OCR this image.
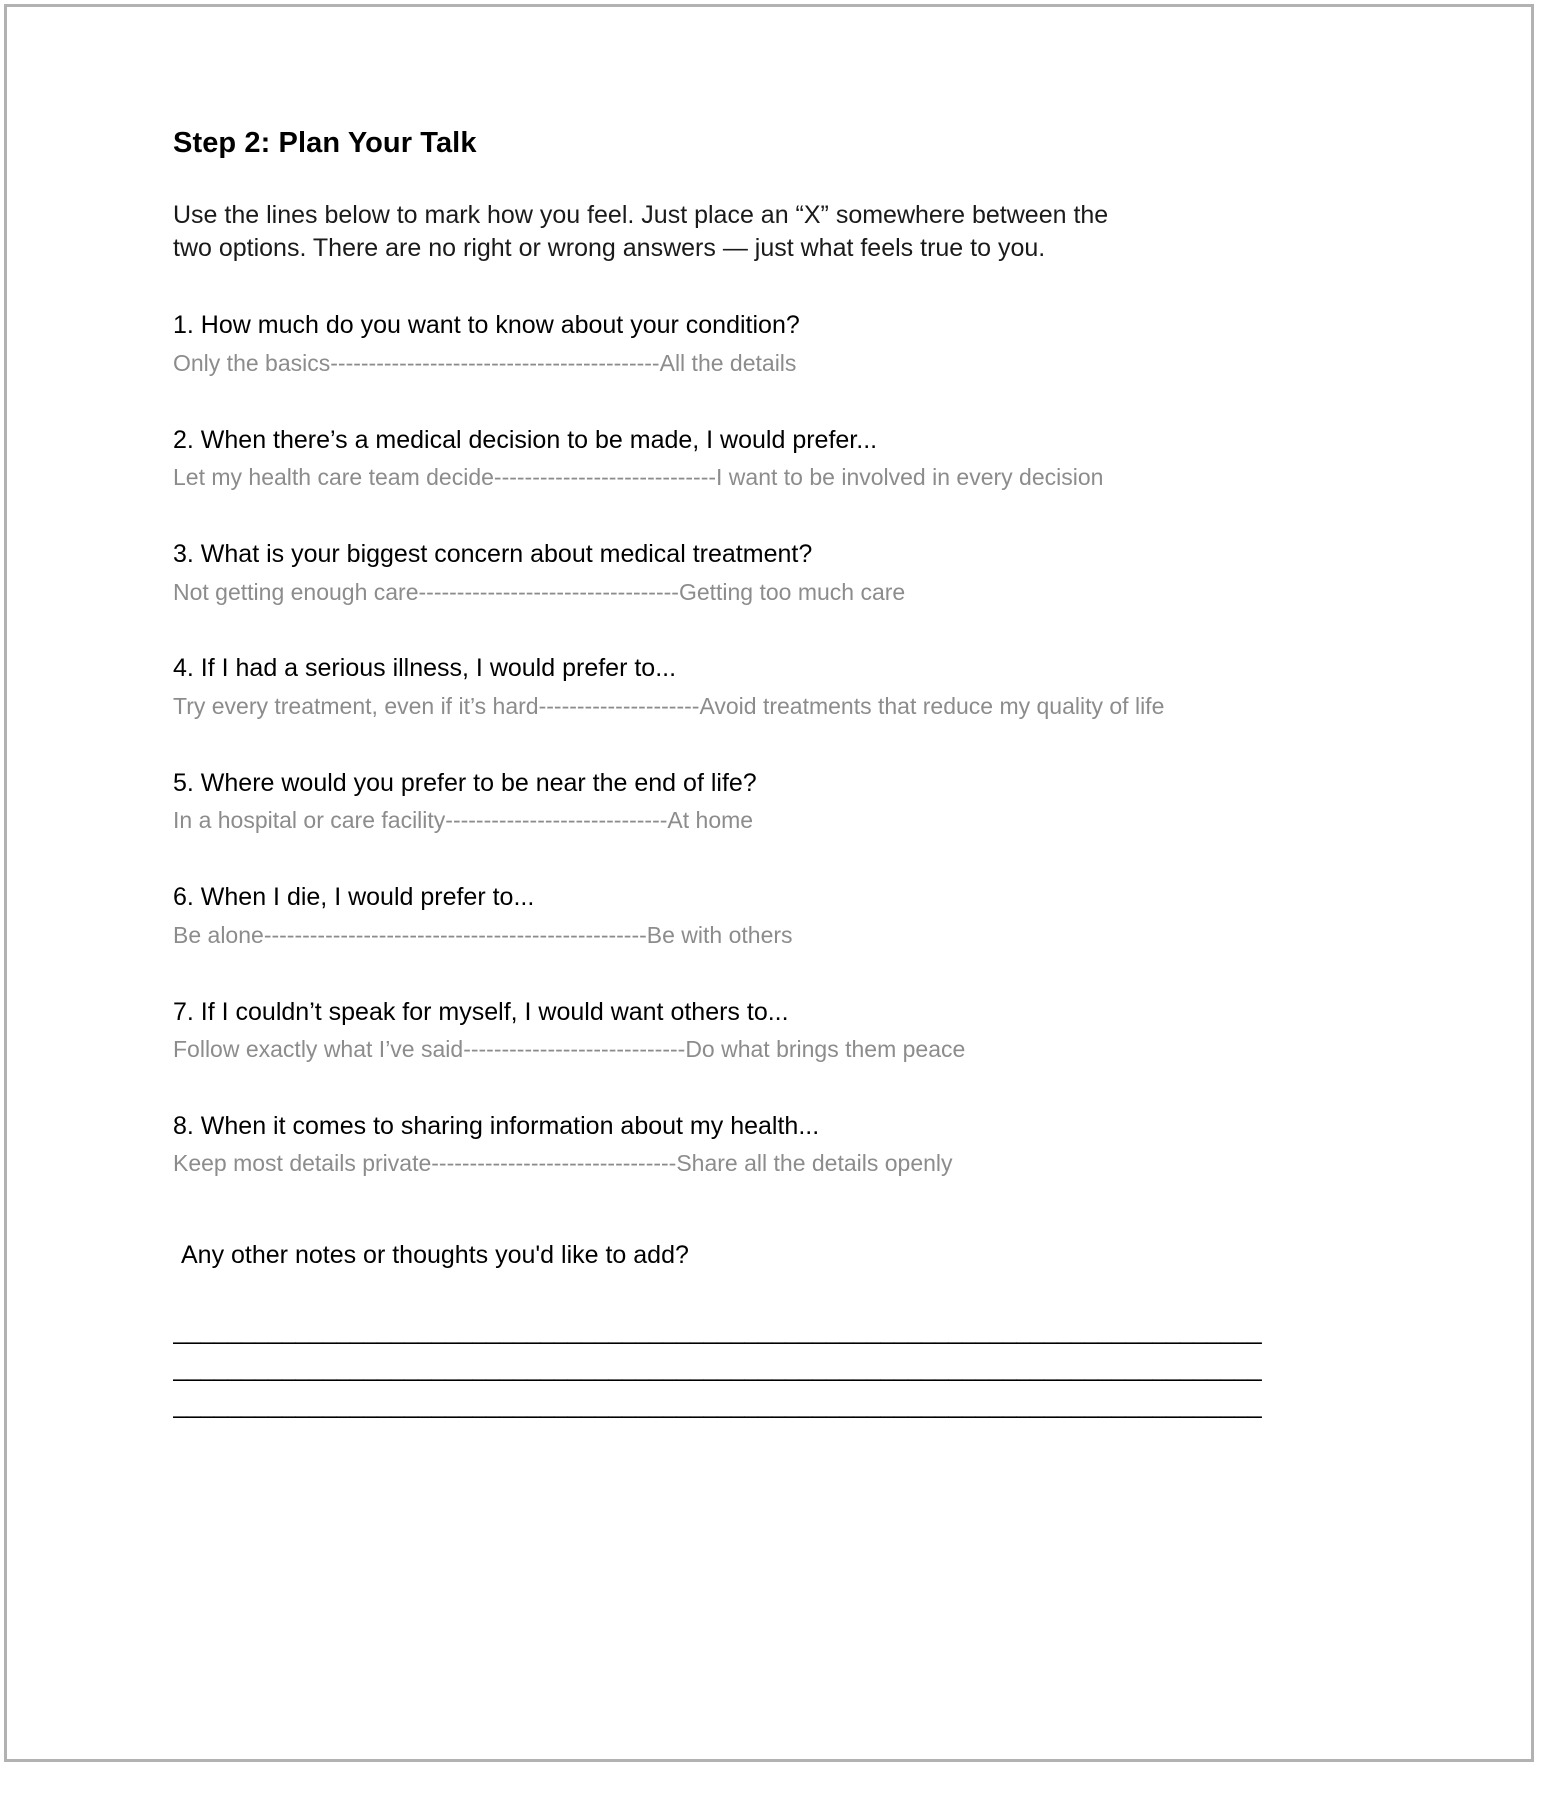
Step 2: Plan Your Talk

Use the lines below to mark how you feel. Just place an “X” somewhere between the two options. There are no right or wrong answers — just what feels true to you.

1. How much do you want to know about your condition?
Only the basics-------------------------------------------All the details
2. When there’s a medical decision to be made, I would prefer...
Let my health care team decide-----------------------------I want to be involved in every decision
3. What is your biggest concern about medical treatment?
Not getting enough care----------------------------------Getting too much care
4. If I had a serious illness, I would prefer to...
Try every treatment, even if it’s hard---------------------Avoid treatments that reduce my quality of life
5. Where would you prefer to be near the end of life?
In a hospital or care facility-----------------------------At home
6. When I die, I would prefer to...
Be alone--------------------------------------------------Be with others
7. If I couldn’t speak for myself, I would want others to...
Follow exactly what I’ve said-----------------------------Do what brings them peace
8. When it comes to sharing information about my health...
Keep most details private--------------------------------Share all the details openly
Any other notes or thoughts you'd like to add?
________________________________________________________________________________
________________________________________________________________________________
________________________________________________________________________________
